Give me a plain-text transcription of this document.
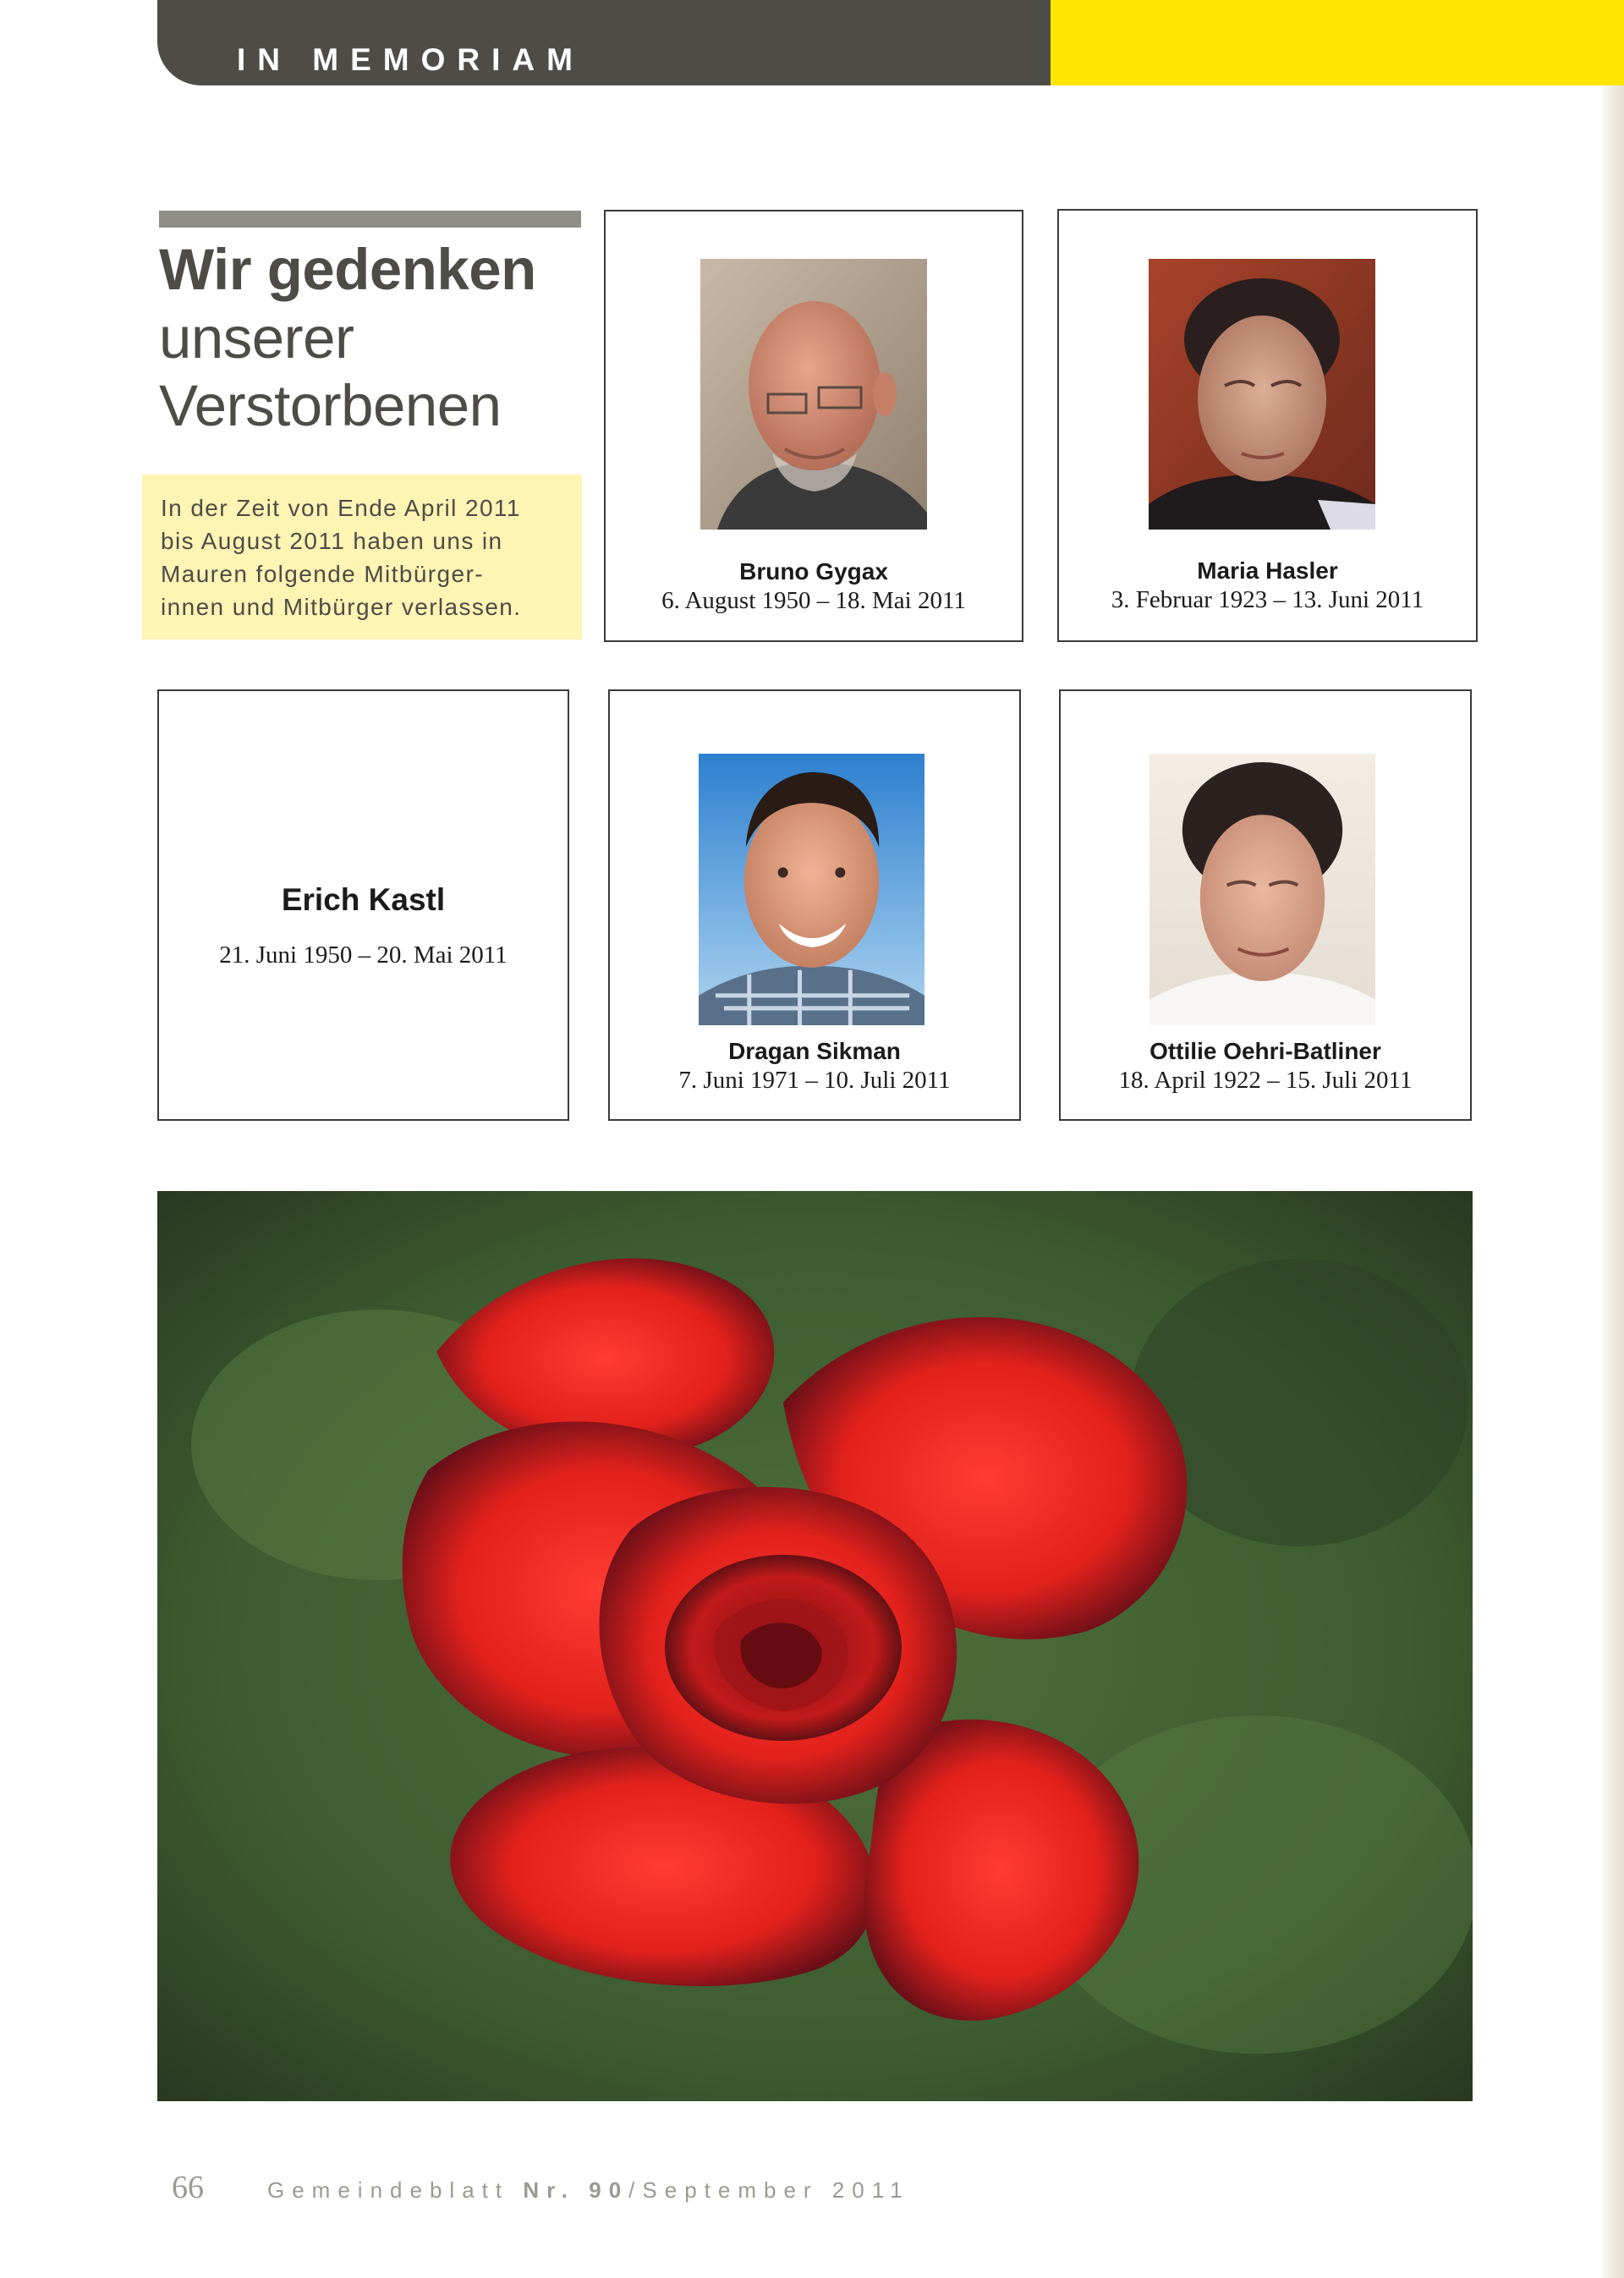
IN MEMORIAM
Wir gedenken
unserer
Verstorbenen

In der Zeit von Ende April 2011

bis August 2011 haben uns in

Mauren folgende Mitbürger-

innen und Mitbürger verlassen.

Bruno Gygax
6. August 1950 – 18. Mai 2011
Maria Hasler
3. Februar 1923 – 13. Juni 2011
Erich Kastl
21. Juni 1950 – 20. Mai 2011
Dragan Sikman
7. Juni 1971 – 10. Juli 2011
Ottilie Oehri-Batliner
18. April 1922 – 15. Juli 2011
66	Gemeindeblatt Nr. 90/September 2011
